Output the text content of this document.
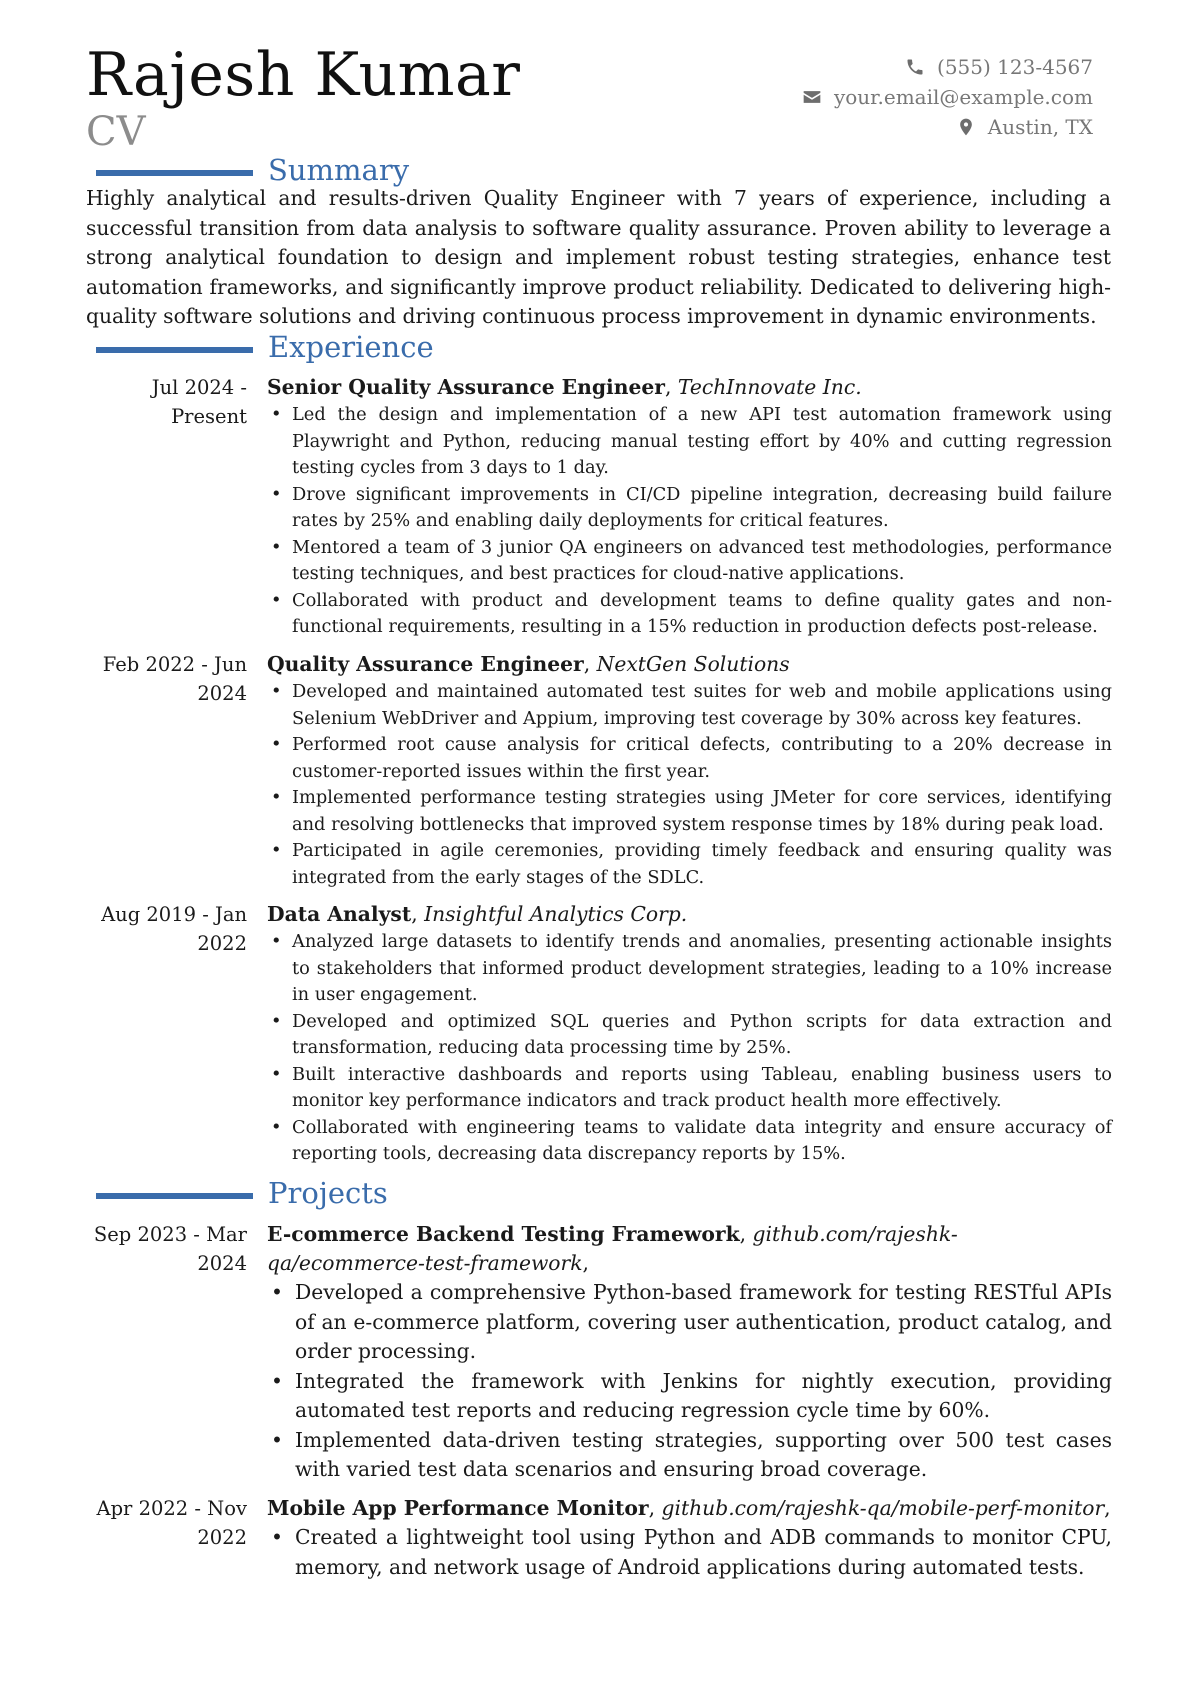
Rajesh Kumar
CV
(555) 123-4567
your.email@example.com
Austin, TX
Summary
Highly analytical and results-driven Quality Engineer with 7 years of experience, including a successful transition from data analysis to software quality assurance. Proven ability to leverage a strong analytical foundation to design and implement robust testing strategies, enhance test automation frameworks, and significantly improve product reliability. Dedicated to delivering high-quality software solutions and driving continuous process improvement in dynamic environments.
Experience
Jul 2024 - Present
Senior Quality Assurance Engineer, TechInnovate Inc.
• Led the design and implementation of a new API test automation framework using Playwright and Python, reducing manual testing effort by 40% and cutting regression testing cycles from 3 days to 1 day.
• Drove significant improvements in CI/CD pipeline integration, decreasing build failure rates by 25% and enabling daily deployments for critical features.
• Mentored a team of 3 junior QA engineers on advanced test methodologies, performance testing techniques, and best practices for cloud-native applications.
• Collaborated with product and development teams to define quality gates and non-functional requirements, resulting in a 15% reduction in production defects post-release.
Feb 2022 - Jun 2024
Quality Assurance Engineer, NextGen Solutions
• Developed and maintained automated test suites for web and mobile applications using Selenium WebDriver and Appium, improving test coverage by 30% across key features.
• Performed root cause analysis for critical defects, contributing to a 20% decrease in customer-reported issues within the first year.
• Implemented performance testing strategies using JMeter for core services, identifying and resolving bottlenecks that improved system response times by 18% during peak load.
• Participated in agile ceremonies, providing timely feedback and ensuring quality was integrated from the early stages of the SDLC.
Aug 2019 - Jan 2022
Data Analyst, Insightful Analytics Corp.
• Analyzed large datasets to identify trends and anomalies, presenting actionable insights to stakeholders that informed product development strategies, leading to a 10% increase in user engagement.
• Developed and optimized SQL queries and Python scripts for data extraction and transformation, reducing data processing time by 25%.
• Built interactive dashboards and reports using Tableau, enabling business users to monitor key performance indicators and track product health more effectively.
• Collaborated with engineering teams to validate data integrity and ensure accuracy of reporting tools, decreasing data discrepancy reports by 15%.
Projects
Sep 2023 - Mar 2024
E-commerce Backend Testing Framework, github.com/rajeshk-qa/ecommerce-test-framework,
• Developed a comprehensive Python-based framework for testing RESTful APIs of an e-commerce platform, covering user authentication, product catalog, and order processing.
• Integrated the framework with Jenkins for nightly execution, providing automated test reports and reducing regression cycle time by 60%.
• Implemented data-driven testing strategies, supporting over 500 test cases with varied test data scenarios and ensuring broad coverage.
Apr 2022 - Nov 2022
Mobile App Performance Monitor, github.com/rajeshk-qa/mobile-perf-monitor,
• Created a lightweight tool using Python and ADB commands to monitor CPU, memory, and network usage of Android applications during automated tests.
